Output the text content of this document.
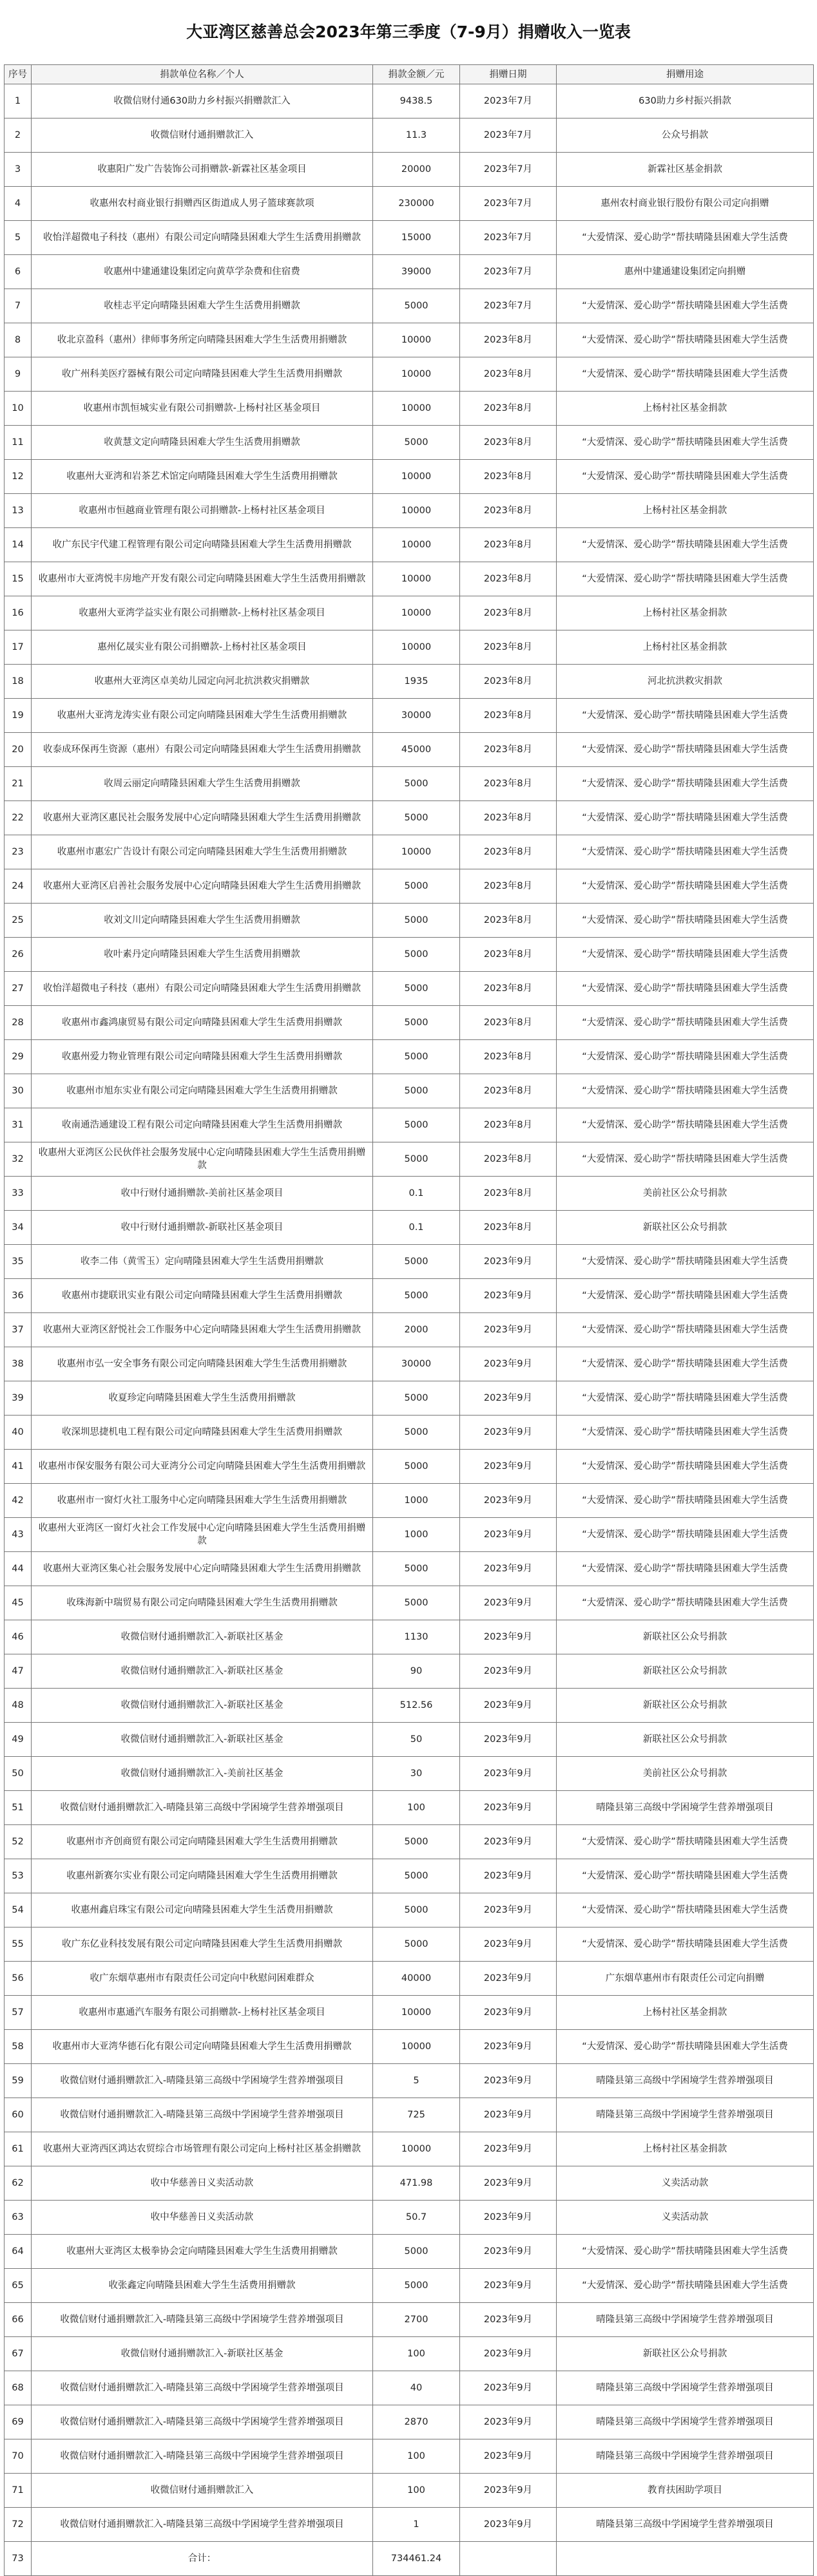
大亚湾区慈善总会2023年第三季度（7-9月）捐赠收入一览表
序号	捐款单位名称／个人	捐款金额／元	捐赠日期	捐赠用途
1	收微信财付通630助力乡村振兴捐赠款汇入	9438.5	2023年7月	630助力乡村振兴捐款
2	收微信财付通捐赠款汇入	11.3	2023年7月	公众号捐款
3	收惠阳广发广告装饰公司捐赠款-新霖社区基金项目	20000	2023年7月	新霖社区基金捐款
4	收惠州农村商业银行捐赠西区街道成人男子篮球赛款项	230000	2023年7月	惠州农村商业银行股份有限公司定向捐赠
5	收怡洋超微电子科技（惠州）有限公司定向晴隆县困难大学生生活费用捐赠款	15000	2023年7月	“大爱情深、爱心助学”帮扶晴隆县困难大学生活费
6	收惠州中建通建设集团定向黄草学杂费和住宿费	39000	2023年7月	惠州中建通建设集团定向捐赠
7	收桂志平定向晴隆县困难大学生生活费用捐赠款	5000	2023年7月	“大爱情深、爱心助学”帮扶晴隆县困难大学生活费
8	收北京盈科（惠州）律师事务所定向晴隆县困难大学生生活费用捐赠款	10000	2023年8月	“大爱情深、爱心助学”帮扶晴隆县困难大学生活费
9	收广州科美医疗器械有限公司定向晴隆县困难大学生生活费用捐赠款	10000	2023年8月	“大爱情深、爱心助学”帮扶晴隆县困难大学生活费
10	收惠州市凯恒城实业有限公司捐赠款-上杨村社区基金项目	10000	2023年8月	上杨村社区基金捐款
11	收黄慧文定向晴隆县困难大学生生活费用捐赠款	5000	2023年8月	“大爱情深、爱心助学”帮扶晴隆县困难大学生活费
12	收惠州大亚湾和岩茶艺术馆定向晴隆县困难大学生生活费用捐赠款	10000	2023年8月	“大爱情深、爱心助学”帮扶晴隆县困难大学生活费
13	收惠州市恒越商业管理有限公司捐赠款-上杨村社区基金项目	10000	2023年8月	上杨村社区基金捐款
14	收广东民宇代建工程管理有限公司定向晴隆县困难大学生生活费用捐赠款	10000	2023年8月	“大爱情深、爱心助学”帮扶晴隆县困难大学生活费
15	收惠州市大亚湾悦丰房地产开发有限公司定向晴隆县困难大学生生活费用捐赠款	10000	2023年8月	“大爱情深、爱心助学”帮扶晴隆县困难大学生活费
16	收惠州大亚湾学益实业有限公司捐赠款-上杨村社区基金项目	10000	2023年8月	上杨村社区基金捐款
17	惠州亿晟实业有限公司捐赠款-上杨村社区基金项目	10000	2023年8月	上杨村社区基金捐款
18	收惠州大亚湾区卓美幼儿园定向河北抗洪救灾捐赠款	1935	2023年8月	河北抗洪救灾捐款
19	收惠州大亚湾龙涛实业有限公司定向晴隆县困难大学生生活费用捐赠款	30000	2023年8月	“大爱情深、爱心助学”帮扶晴隆县困难大学生活费
20	收泰成环保再生资源（惠州）有限公司定向晴隆县困难大学生生活费用捐赠款	45000	2023年8月	“大爱情深、爱心助学”帮扶晴隆县困难大学生活费
21	收周云丽定向晴隆县困难大学生生活费用捐赠款	5000	2023年8月	“大爱情深、爱心助学”帮扶晴隆县困难大学生活费
22	收惠州大亚湾区惠民社会服务发展中心定向晴隆县困难大学生生活费用捐赠款	5000	2023年8月	“大爱情深、爱心助学”帮扶晴隆县困难大学生活费
23	收惠州市惠宏广告设计有限公司定向晴隆县困难大学生生活费用捐赠款	10000	2023年8月	“大爱情深、爱心助学”帮扶晴隆县困难大学生活费
24	收惠州大亚湾区启善社会服务发展中心定向晴隆县困难大学生生活费用捐赠款	5000	2023年8月	“大爱情深、爱心助学”帮扶晴隆县困难大学生活费
25	收刘文川定向晴隆县困难大学生生活费用捐赠款	5000	2023年8月	“大爱情深、爱心助学”帮扶晴隆县困难大学生活费
26	收叶素丹定向晴隆县困难大学生生活费用捐赠款	5000	2023年8月	“大爱情深、爱心助学”帮扶晴隆县困难大学生活费
27	收怡洋超微电子科技（惠州）有限公司定向晴隆县困难大学生生活费用捐赠款	5000	2023年8月	“大爱情深、爱心助学”帮扶晴隆县困难大学生活费
28	收惠州市鑫鸿康贸易有限公司定向晴隆县困难大学生生活费用捐赠款	5000	2023年8月	“大爱情深、爱心助学”帮扶晴隆县困难大学生活费
29	收惠州爱力物业管理有限公司定向晴隆县困难大学生生活费用捐赠款	5000	2023年8月	“大爱情深、爱心助学”帮扶晴隆县困难大学生活费
30	收惠州市旭东实业有限公司定向晴隆县困难大学生生活费用捐赠款	5000	2023年8月	“大爱情深、爱心助学”帮扶晴隆县困难大学生活费
31	收南通浩通建设工程有限公司定向晴隆县困难大学生生活费用捐赠款	5000	2023年8月	“大爱情深、爱心助学”帮扶晴隆县困难大学生活费
32	收惠州大亚湾区公民伙伴社会服务发展中心定向晴隆县困难大学生生活费用捐赠款	5000	2023年8月	“大爱情深、爱心助学”帮扶晴隆县困难大学生活费
33	收中行财付通捐赠款-美前社区基金项目	0.1	2023年8月	美前社区公众号捐款
34	收中行财付通捐赠款-新联社区基金项目	0.1	2023年8月	新联社区公众号捐款
35	收李二伟（黄雪玉）定向晴隆县困难大学生生活费用捐赠款	5000	2023年9月	“大爱情深、爱心助学”帮扶晴隆县困难大学生活费
36	收惠州市捷联讯实业有限公司定向晴隆县困难大学生生活费用捐赠款	5000	2023年9月	“大爱情深、爱心助学”帮扶晴隆县困难大学生活费
37	收惠州大亚湾区舒悦社会工作服务中心定向晴隆县困难大学生生活费用捐赠款	2000	2023年9月	“大爱情深、爱心助学”帮扶晴隆县困难大学生活费
38	收惠州市弘一安全事务有限公司定向晴隆县困难大学生生活费用捐赠款	30000	2023年9月	“大爱情深、爱心助学”帮扶晴隆县困难大学生活费
39	收夏珍定向晴隆县困难大学生生活费用捐赠款	5000	2023年9月	“大爱情深、爱心助学”帮扶晴隆县困难大学生活费
40	收深圳思捷机电工程有限公司定向晴隆县困难大学生生活费用捐赠款	5000	2023年9月	“大爱情深、爱心助学”帮扶晴隆县困难大学生活费
41	收惠州市保安服务有限公司大亚湾分公司定向晴隆县困难大学生生活费用捐赠款	5000	2023年9月	“大爱情深、爱心助学”帮扶晴隆县困难大学生活费
42	收惠州市一窗灯火社工服务中心定向晴隆县困难大学生生活费用捐赠款	1000	2023年9月	“大爱情深、爱心助学”帮扶晴隆县困难大学生活费
43	收惠州大亚湾区一窗灯火社会工作发展中心定向晴隆县困难大学生生活费用捐赠款	1000	2023年9月	“大爱情深、爱心助学”帮扶晴隆县困难大学生活费
44	收惠州大亚湾区集心社会服务发展中心定向晴隆县困难大学生生活费用捐赠款	5000	2023年9月	“大爱情深、爱心助学”帮扶晴隆县困难大学生活费
45	收珠海新中瑞贸易有限公司定向晴隆县困难大学生生活费用捐赠款	5000	2023年9月	“大爱情深、爱心助学”帮扶晴隆县困难大学生活费
46	收微信财付通捐赠款汇入-新联社区基金	1130	2023年9月	新联社区公众号捐款
47	收微信财付通捐赠款汇入-新联社区基金	90	2023年9月	新联社区公众号捐款
48	收微信财付通捐赠款汇入-新联社区基金	512.56	2023年9月	新联社区公众号捐款
49	收微信财付通捐赠款汇入-新联社区基金	50	2023年9月	新联社区公众号捐款
50	收微信财付通捐赠款汇入-美前社区基金	30	2023年9月	美前社区公众号捐款
51	收微信财付通捐赠款汇入-晴隆县第三高级中学困境学生营养增强项目	100	2023年9月	晴隆县第三高级中学困境学生营养增强项目
52	收惠州市齐创商贸有限公司定向晴隆县困难大学生生活费用捐赠款	5000	2023年9月	“大爱情深、爱心助学”帮扶晴隆县困难大学生活费
53	收惠州新赛尔实业有限公司定向晴隆县困难大学生生活费用捐赠款	5000	2023年9月	“大爱情深、爱心助学”帮扶晴隆县困难大学生活费
54	收惠州鑫启珠宝有限公司定向晴隆县困难大学生生活费用捐赠款	5000	2023年9月	“大爱情深、爱心助学”帮扶晴隆县困难大学生活费
55	收广东亿业科技发展有限公司定向晴隆县困难大学生生活费用捐赠款	5000	2023年9月	“大爱情深、爱心助学”帮扶晴隆县困难大学生活费
56	收广东烟草惠州市有限责任公司定向中秋慰问困难群众	40000	2023年9月	广东烟草惠州市有限责任公司定向捐赠
57	收惠州市惠通汽车服务有限公司捐赠款-上杨村社区基金项目	10000	2023年9月	上杨村社区基金捐款
58	收惠州市大亚湾华德石化有限公司定向晴隆县困难大学生生活费用捐赠款	10000	2023年9月	“大爱情深、爱心助学”帮扶晴隆县困难大学生活费
59	收微信财付通捐赠款汇入-晴隆县第三高级中学困境学生营养增强项目	5	2023年9月	晴隆县第三高级中学困境学生营养增强项目
60	收微信财付通捐赠款汇入-晴隆县第三高级中学困境学生营养增强项目	725	2023年9月	晴隆县第三高级中学困境学生营养增强项目
61	收惠州大亚湾西区鸿达农贸综合市场管理有限公司定向上杨村社区基金捐赠款	10000	2023年9月	上杨村社区基金捐款
62	收中华慈善日义卖活动款	471.98	2023年9月	义卖活动款
63	收中华慈善日义卖活动款	50.7	2023年9月	义卖活动款
64	收惠州大亚湾区太极拳协会定向晴隆县困难大学生生活费用捐赠款	5000	2023年9月	“大爱情深、爱心助学”帮扶晴隆县困难大学生活费
65	收张鑫定向晴隆县困难大学生生活费用捐赠款	5000	2023年9月	“大爱情深、爱心助学”帮扶晴隆县困难大学生活费
66	收微信财付通捐赠款汇入-晴隆县第三高级中学困境学生营养增强项目	2700	2023年9月	晴隆县第三高级中学困境学生营养增强项目
67	收微信财付通捐赠款汇入-新联社区基金	100	2023年9月	新联社区公众号捐款
68	收微信财付通捐赠款汇入-晴隆县第三高级中学困境学生营养增强项目	40	2023年9月	晴隆县第三高级中学困境学生营养增强项目
69	收微信财付通捐赠款汇入-晴隆县第三高级中学困境学生营养增强项目	2870	2023年9月	晴隆县第三高级中学困境学生营养增强项目
70	收微信财付通捐赠款汇入-晴隆县第三高级中学困境学生营养增强项目	100	2023年9月	晴隆县第三高级中学困境学生营养增强项目
71	收微信财付通捐赠款汇入	100	2023年9月	教育扶困助学项目
72	收微信财付通捐赠款汇入-晴隆县第三高级中学困境学生营养增强项目	1	2023年9月	晴隆县第三高级中学困境学生营养增强项目
73	合计：	734461.24		
